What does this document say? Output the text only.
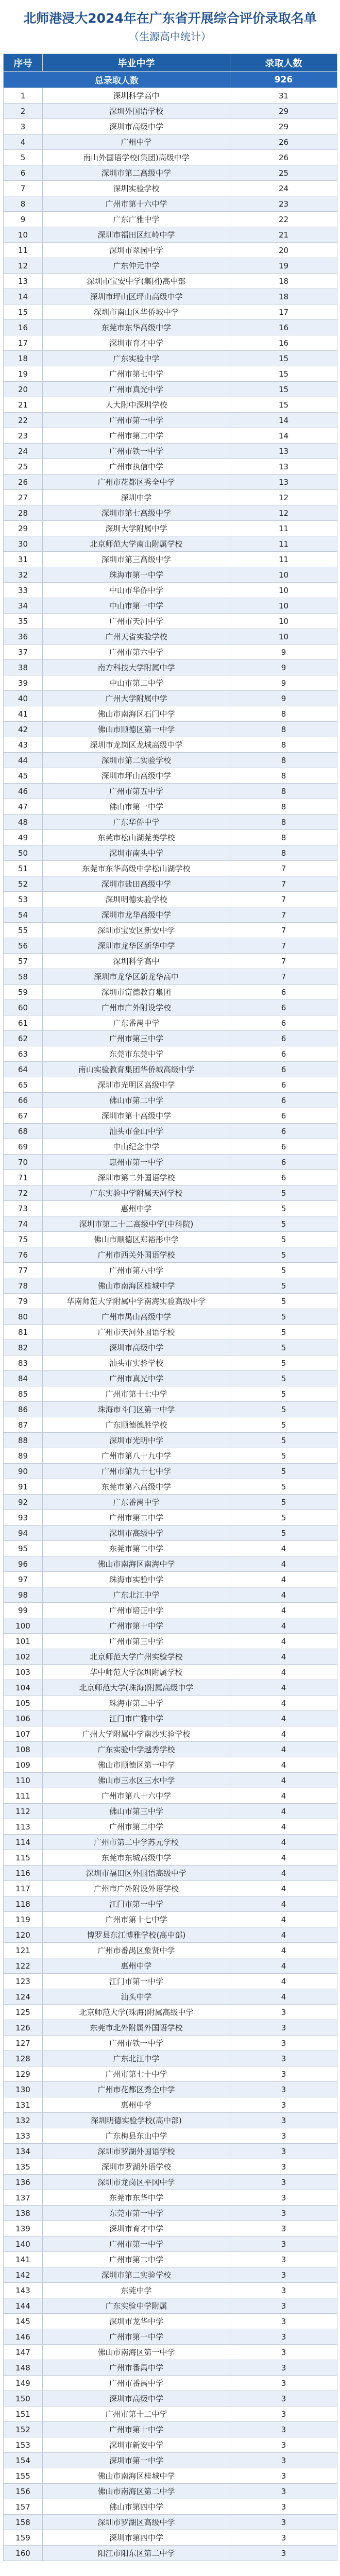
北师港浸大2024年在广东省开展综合评价录取名单
（生源高中统计）
序号	毕业中学	录取人数
总录取人数		926
1	深圳科学高中	31
2	深圳外国语学校	29
3	深圳市高级中学	29
4	广州中学	26
5	南山外国语学校(集团)高级中学	26
6	深圳市第二高级中学	25
7	深圳实验学校	24
8	广州市第十六中学	23
9	广东广雅中学	22
10	深圳市福田区红岭中学	21
11	深圳市翠园中学	20
12	广东仲元中学	19
13	深圳市宝安中学(集团)高中部	18
14	深圳市坪山区坪山高级中学	18
15	深圳市南山区华侨城中学	17
16	东莞市东华高级中学	16
17	深圳市育才中学	16
18	广东实验中学	15
19	广州市第七中学	15
20	广州市真光中学	15
21	人大附中深圳学校	15
22	广州市第一中学	14
23	广州市第二中学	14
24	广州市铁一中学	13
25	广州市执信中学	13
26	广州市花都区秀全中学	13
27	深圳中学	12
28	深圳市第七高级中学	12
29	深圳大学附属中学	11
30	北京师范大学南山附属学校	11
31	深圳市第三高级中学	11
32	珠海市第一中学	10
33	中山市华侨中学	10
34	中山市第一中学	10
35	广州市天河中学	10
36	广州天省实验学校	10
37	广州市第六中学	9
38	南方科技大学附属中学	9
39	中山市第二中学	9
40	广州大学附属中学	9
41	佛山市南海区石门中学	8
42	佛山市顺德区第一中学	8
43	深圳市龙岗区龙城高级中学	8
44	深圳市第二实验学校	8
45	深圳市坪山高级中学	8
46	广州市第五中学	8
47	佛山市第一中学	8
48	广东华侨中学	8
49	东莞市松山湖莞美学校	8
50	深圳市南头中学	8
51	东莞市东华高级中学松山湖学校	7
52	深圳市盐田高级中学	7
53	深圳明德实验学校	7
54	深圳市龙华高级中学	7
55	深圳市宝安区新安中学	7
56	深圳市龙华区新华中学	7
57	深圳科学高中	7
58	深圳市龙华区新龙华高中	7
59	深圳市富德教育集团	6
60	广州市广外附设学校	6
61	广东番禺中学	6
62	广州市第三中学	6
63	东莞市东莞中学	6
64	南山实验教育集团华侨城高级中学	6
65	深圳市光明区高级中学	6
66	佛山市第二中学	6
67	深圳市第十高级中学	6
68	汕头市金山中学	6
69	中山纪念中学	6
70	惠州市第一中学	6
71	深圳市第二外国语学校	6
72	广东实验中学附属天河学校	5
73	惠州中学	5
74	深圳市第二十二高级中学(中科院)	5
75	佛山市顺德区郑裕彤中学	5
76	广州市西关外国语学校	5
77	广州市第八中学	5
78	佛山市南海区桂城中学	5
79	华南师范大学附属中学南海实验高级中学	5
80	广州市禺山高级中学	5
81	广州市天河外国语学校	5
82	深圳市高级中学	5
83	汕头市实验学校	5
84	广州市真光中学	5
85	广州市第十七中学	5
86	珠海市斗门区第一中学	5
87	广东顺德德胜学校	5
88	深圳市光明中学	5
89	广州市第八十九中学	5
90	广州市第九十七中学	5
91	东莞市第六高级中学	5
92	广东番禺中学	5
93	广州市第二中学	5
94	深圳市高级中学	5
95	东莞市第二中学	4
96	佛山市南海区南海中学	4
97	珠海市实验中学	4
98	广东北江中学	4
99	广州市培正中学	4
100	广州市第十中学	4
101	广州市第三中学	4
102	北京师范大学广州实验学校	4
103	华中师范大学深圳附属学校	4
104	北京师范大学(珠海)附属高级中学	4
105	珠海市第二中学	4
106	江门市广雅中学	4
107	广州大学附属中学南沙实验学校	4
108	广东实验中学越秀学校	4
109	佛山市顺德区第一中学	4
110	佛山市三水区三水中学	4
111	广州市第八十六中学	4
112	佛山市第三中学	4
113	广州市第二中学	4
114	广州市第二中学苏元学校	4
115	东莞市东城高级中学	4
116	深圳市福田区外国语高级中学	4
117	广州市广外附设外语学校	4
118	江门市第一中学	4
119	广州市第十七中学	4
120	博罗县东江博雅学校(高中部)	4
121	广州市番禺区象贤中学	4
122	惠州中学	4
123	江门市第一中学	4
124	汕头中学	4
125	北京师范大学(珠海)附属高级中学	3
126	东莞市北外附属外国语学校	3
127	广州市铁一中学	3
128	广东北江中学	3
129	广州市第七十中学	3
130	广州市花都区秀全中学	3
131	惠州中学	3
132	深圳明德实验学校(高中部)	3
133	广东梅县东山中学	3
134	深圳市罗湖外国语学校	3
135	深圳市罗湖外语学校	3
136	深圳市龙岗区平冈中学	3
137	东莞市东华中学	3
138	东莞市第一中学	3
139	深圳市育才中学	3
140	广州市第一中学	3
141	广州市第二中学	3
142	深圳市第二实验学校	3
143	东莞中学	3
144	广东实验中学附属	3
145	深圳市龙华中学	3
146	广州市第一中学	3
147	佛山市南海区第一中学	3
148	广州市番禺中学	3
149	广州市番禺中学	3
150	深圳市高级中学	3
151	广州市第十二中学	3
152	广州市第十中学	3
153	深圳市新安中学	3
154	深圳市第一中学	3
155	佛山市南海区桂城中学	3
156	佛山市南海区第二中学	3
157	佛山市第四中学	3
158	深圳市罗湖区高级中学	3
159	深圳市第四中学	3
160	阳江市阳东区第二中学	3
